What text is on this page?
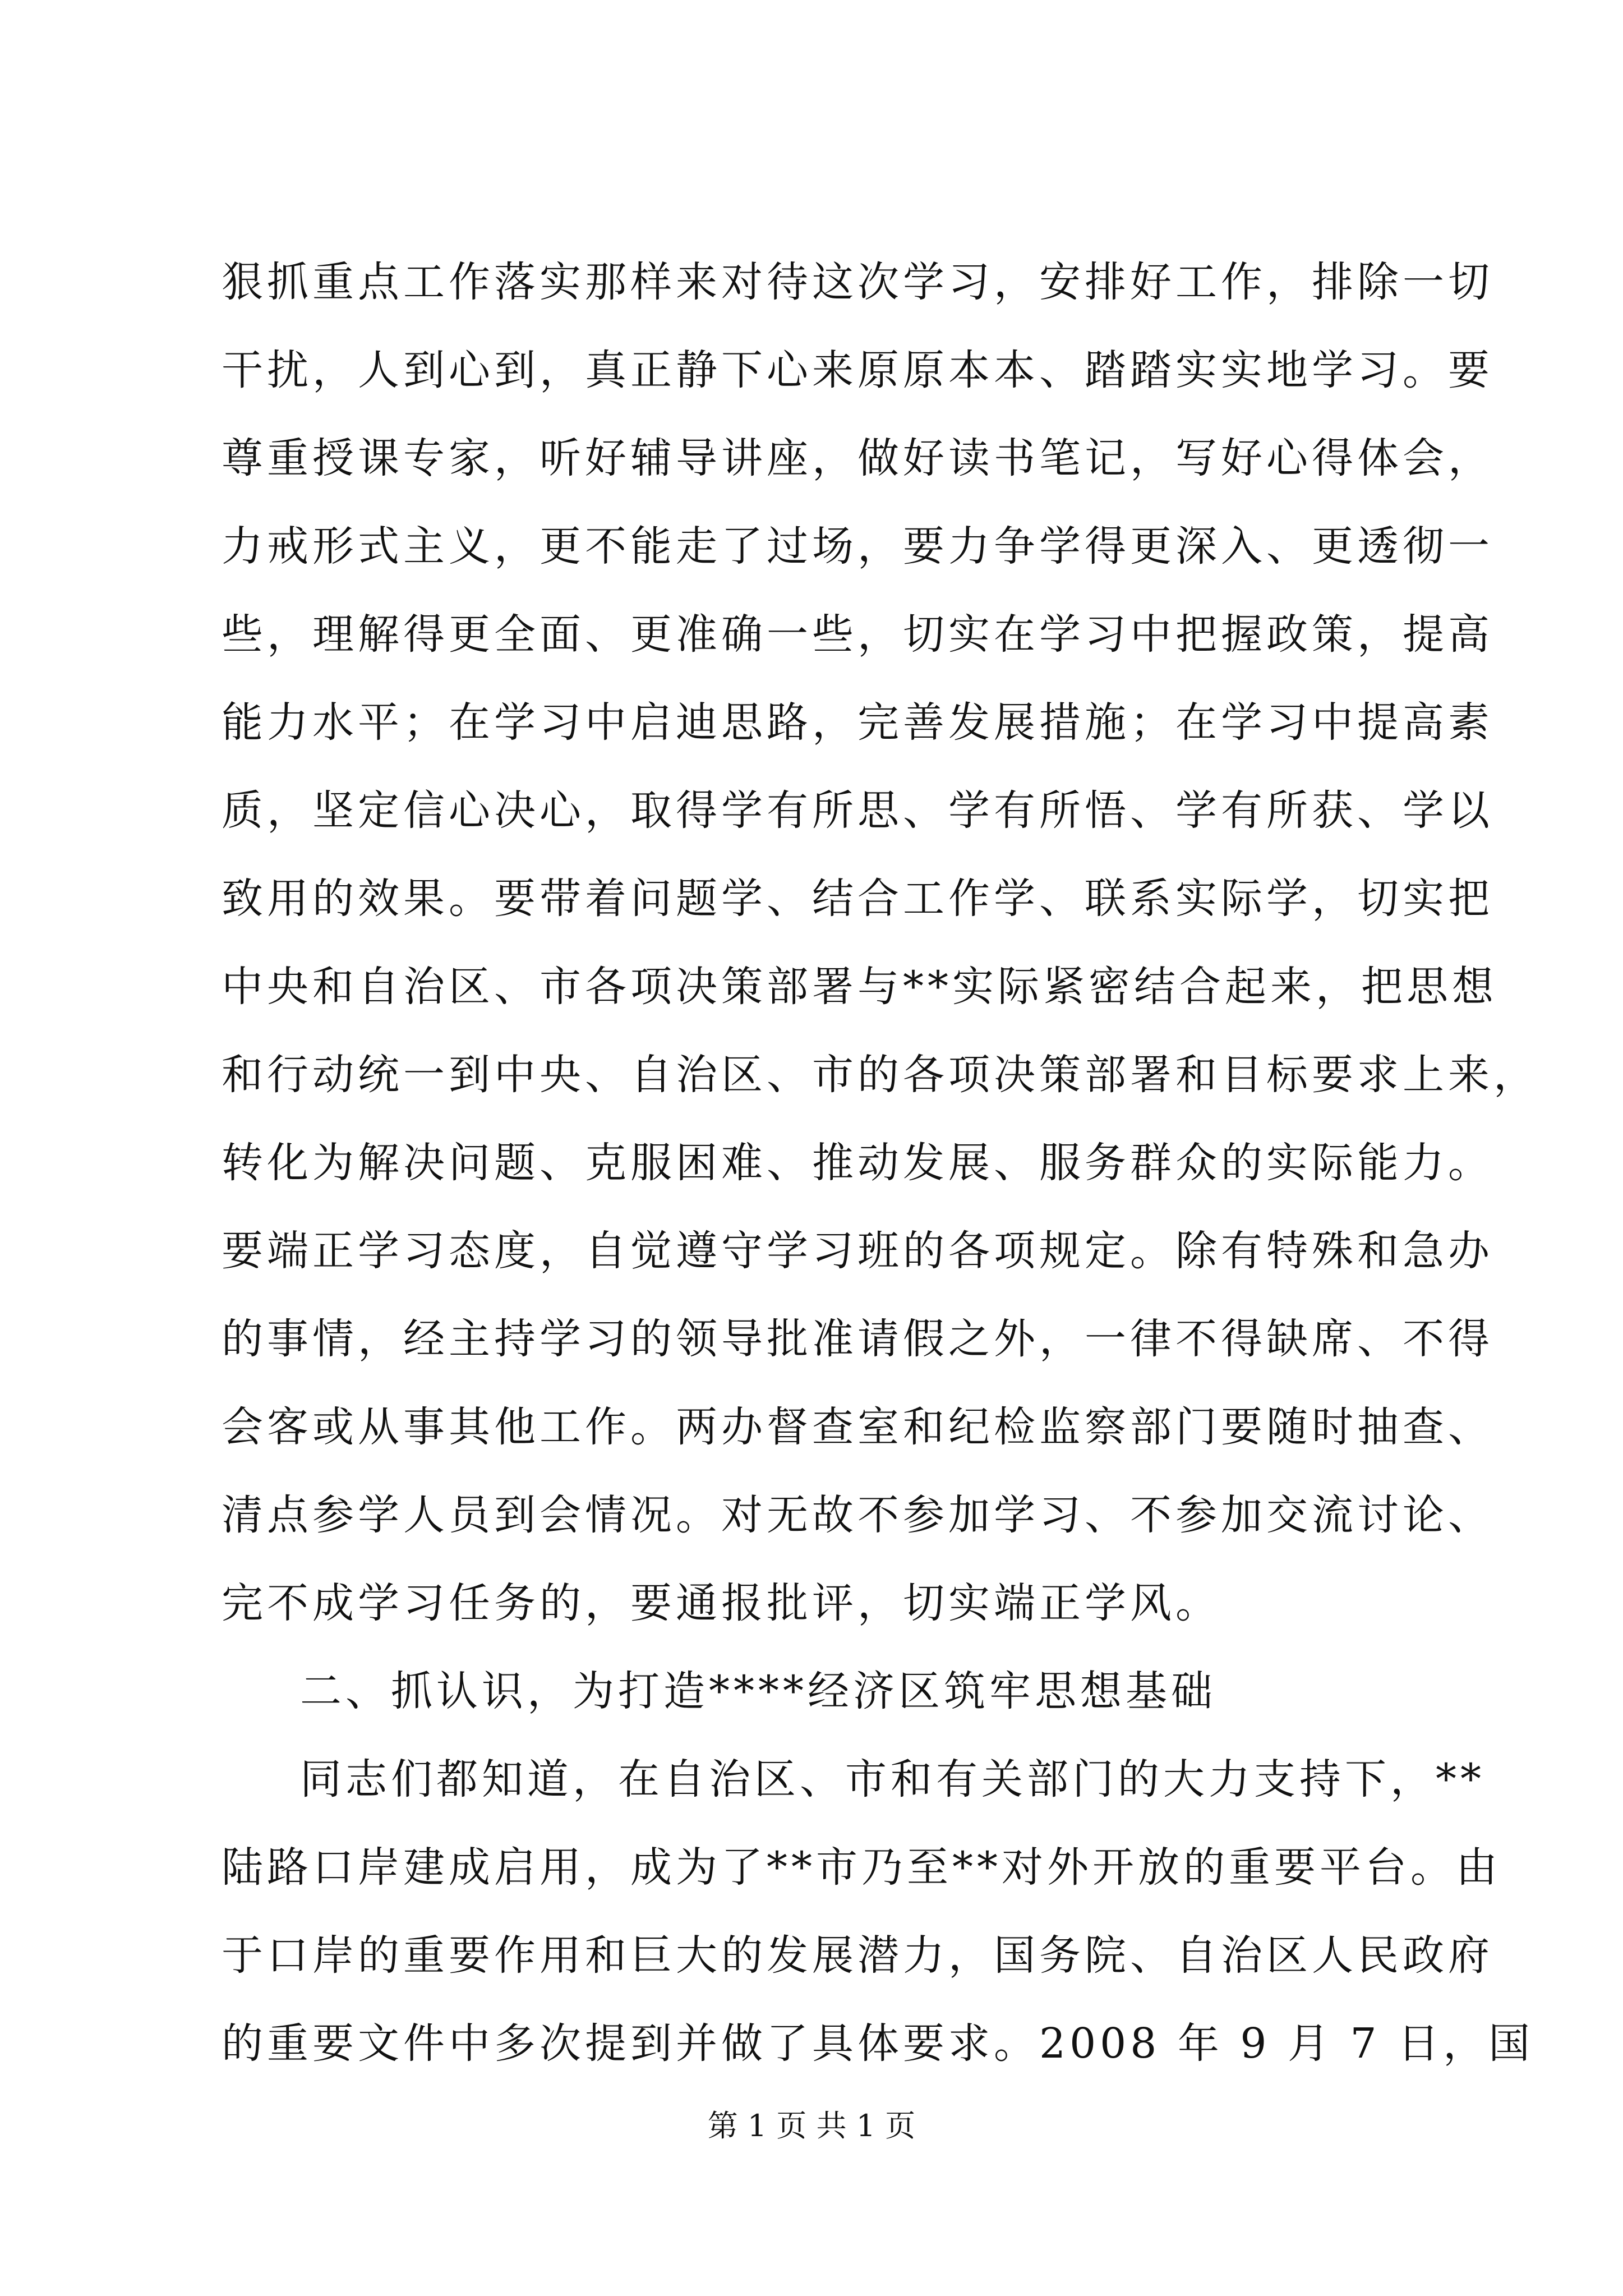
狠抓重点工作落实那样来对待这次学习，安排好工作，排除一切
干扰，人到心到，真正静下心来原原本本、踏踏实实地学习。要
尊重授课专家，听好辅导讲座，做好读书笔记，写好心得体会，
力戒形式主义，更不能走了过场，要力争学得更深入、更透彻一
些，理解得更全面、更准确一些，切实在学习中把握政策，提高
能力水平；在学习中启迪思路，完善发展措施；在学习中提高素
质，坚定信心决心，取得学有所思、学有所悟、学有所获、学以
致用的效果。要带着问题学、结合工作学、联系实际学，切实把
中央和自治区、市各项决策部署与**实际紧密结合起来，把思想
和行动统一到中央、自治区、市的各项决策部署和目标要求上来，
转化为解决问题、克服困难、推动发展、服务群众的实际能力。
要端正学习态度，自觉遵守学习班的各项规定。除有特殊和急办
的事情，经主持学习的领导批准请假之外，一律不得缺席、不得
会客或从事其他工作。两办督查室和纪检监察部门要随时抽查、
清点参学人员到会情况。对无故不参加学习、不参加交流讨论、
完不成学习任务的，要通报批评，切实端正学风。
二、抓认识，为打造****经济区筑牢思想基础
同志们都知道，在自治区、市和有关部门的大力支持下，**
陆路口岸建成启用，成为了**市乃至**对外开放的重要平台。由
于口岸的重要作用和巨大的发展潜力，国务院、自治区人民政府
的重要文件中多次提到并做了具体要求。2008 年 9 月 7 日，国
第 1 页 共 1 页
